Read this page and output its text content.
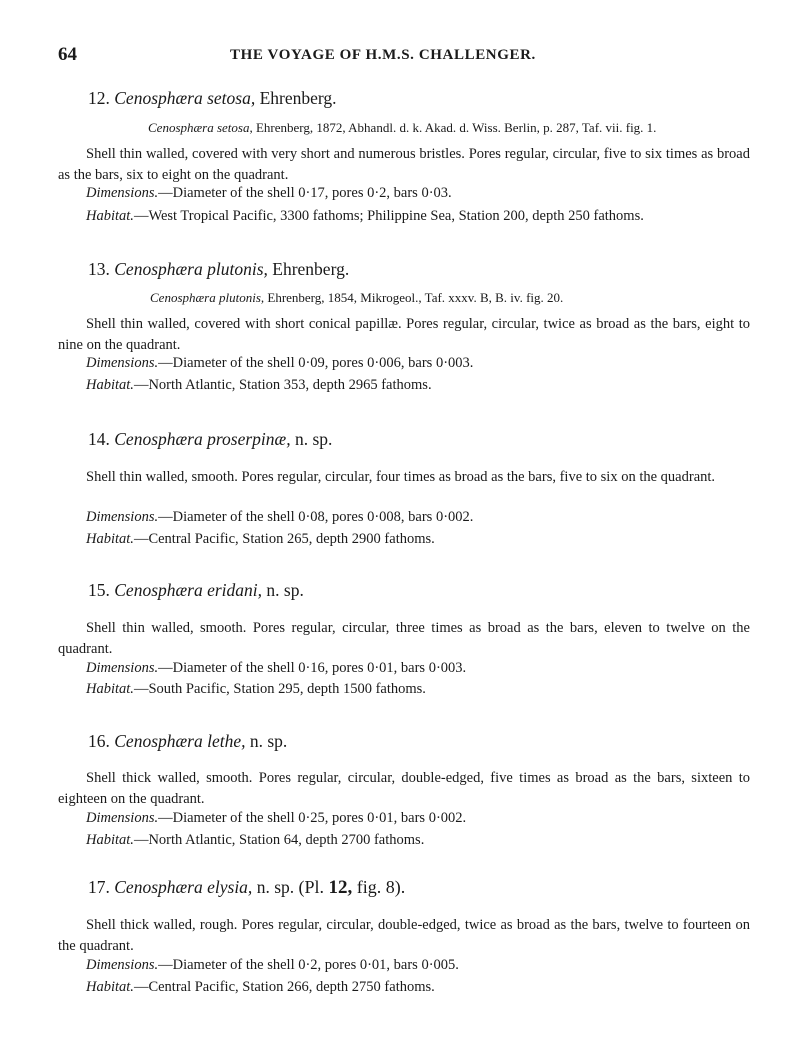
64	THE VOYAGE OF H.M.S. CHALLENGER.
12. Cenosphæra setosa, Ehrenberg.
Cenosphæra setosa, Ehrenberg, 1872, Abhandl. d. k. Akad. d. Wiss. Berlin, p. 287, Taf. vii. fig. 1.
Shell thin walled, covered with very short and numerous bristles. Pores regular, circular, five to six times as broad as the bars, six to eight on the quadrant.
Dimensions.—Diameter of the shell 0·17, pores 0·2, bars 0·03.
Habitat.—West Tropical Pacific, 3300 fathoms; Philippine Sea, Station 200, depth 250 fathoms.
13. Cenosphæra plutonis, Ehrenberg.
Cenosphæra plutonis, Ehrenberg, 1854, Mikrogeol., Taf. xxxv. B, B. iv. fig. 20.
Shell thin walled, covered with short conical papillæ. Pores regular, circular, twice as broad as the bars, eight to nine on the quadrant.
Dimensions.—Diameter of the shell 0·09, pores 0·006, bars 0·003.
Habitat.—North Atlantic, Station 353, depth 2965 fathoms.
14. Cenosphæra proserpinæ, n. sp.
Shell thin walled, smooth. Pores regular, circular, four times as broad as the bars, five to six on the quadrant.
Dimensions.—Diameter of the shell 0·08, pores 0·008, bars 0·002.
Habitat.—Central Pacific, Station 265, depth 2900 fathoms.
15. Cenosphæra eridani, n. sp.
Shell thin walled, smooth. Pores regular, circular, three times as broad as the bars, eleven to twelve on the quadrant.
Dimensions.—Diameter of the shell 0·16, pores 0·01, bars 0·003.
Habitat.—South Pacific, Station 295, depth 1500 fathoms.
16. Cenosphæra lethe, n. sp.
Shell thick walled, smooth. Pores regular, circular, double-edged, five times as broad as the bars, sixteen to eighteen on the quadrant.
Dimensions.—Diameter of the shell 0·25, pores 0·01, bars 0·002.
Habitat.—North Atlantic, Station 64, depth 2700 fathoms.
17. Cenosphæra elysia, n. sp. (Pl. 12, fig. 8).
Shell thick walled, rough. Pores regular, circular, double-edged, twice as broad as the bars, twelve to fourteen on the quadrant.
Dimensions.—Diameter of the shell 0·2, pores 0·01, bars 0·005.
Habitat.—Central Pacific, Station 266, depth 2750 fathoms.
